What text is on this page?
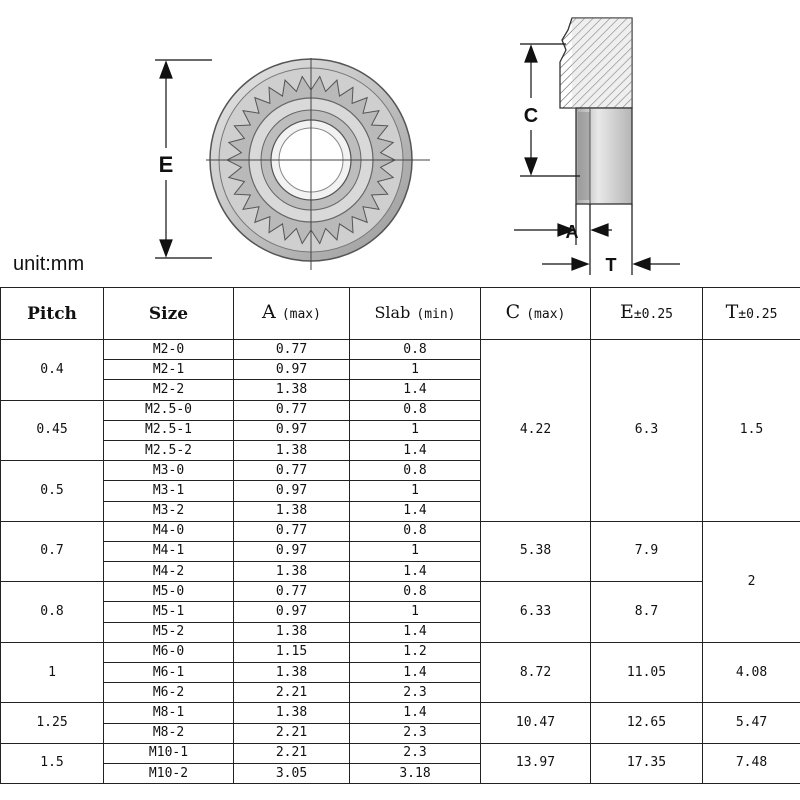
E
C
A
T
unit:mm
Pitch	Size	A (max)	Slab (min)	C (max)	E±0.25	T±0.25
0.4	M2-0	0.77	0.8	4.22	6.3	1.5
	M2-1	0.97	1			
	M2-2	1.38	1.4			
0.45	M2.5-0	0.77	0.8			
	M2.5-1	0.97	1			
	M2.5-2	1.38	1.4			
0.5	M3-0	0.77	0.8			
	M3-1	0.97	1			
	M3-2	1.38	1.4			
0.7	M4-0	0.77	0.8	5.38	7.9	2
	M4-1	0.97	1			
	M4-2	1.38	1.4			
0.8	M5-0	0.77	0.8	6.33	8.7	
	M5-1	0.97	1			
	M5-2	1.38	1.4			
1	M6-0	1.15	1.2	8.72	11.05	4.08
	M6-1	1.38	1.4			
	M6-2	2.21	2.3			
1.25	M8-1	1.38	1.4	10.47	12.65	5.47
	M8-2	2.21	2.3			
1.5	M10-1	2.21	2.3	13.97	17.35	7.48
	M10-2	3.05	3.18			
